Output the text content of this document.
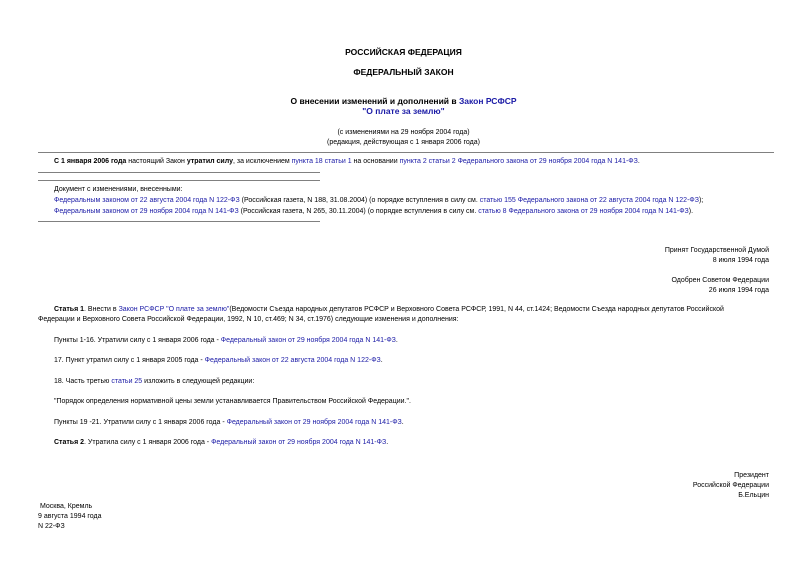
РОССИЙСКАЯ ФЕДЕРАЦИЯ
ФЕДЕРАЛЬНЫЙ ЗАКОН
О внесении изменений и дополнений в Закон РСФСР
"О плате за землю"
(с изменениями на 29 ноября 2004 года)
(редакция, действующая с 1 января 2006 года)
С 1 января 2006 года настоящий Закон утратил силу, за исключением пункта 18 статьи 1 на основании пункта 2 статьи 2 Федерального закона от 29 ноября 2004 года N 141-ФЗ.
Документ с изменениями, внесенными:
Федеральным законом от 22 августа 2004 года N 122-ФЗ (Российская газета, N 188, 31.08.2004) (о порядке вступления в силу см. статью 155 Федерального закона от 22 августа 2004 года N 122-ФЗ);
Федеральным законом от 29 ноября 2004 года N 141-ФЗ (Российская газета, N 265, 30.11.2004) (о порядке вступления в силу см. статью 8 Федерального закона от 29 ноября 2004 года N 141-ФЗ).
Принят Государственной Думой
8 июля 1994 года
Одобрен Советом Федерации
26 июля 1994 года
Статья 1. Внести в Закон РСФСР "О плате за землю"(Ведомости Съезда народных депутатов РСФСР и Верховного Совета РСФСР, 1991, N 44, ст.1424; Ведомости Съезда народных депутатов Российской
Федерации и Верховного Совета Российской Федерации, 1992, N 10, ст.469; N 34, ст.1976) следующие изменения и дополнения:
Пункты 1-16. Утратили силу с 1 января 2006 года - Федеральный закон от 29 ноября 2004 года N 141-ФЗ.
17. Пункт утратил силу с 1 января 2005 года - Федеральный закон от 22 августа 2004 года N 122-ФЗ.
18. Часть третью статьи 25 изложить в следующей редакции:
"Порядок определения нормативной цены земли устанавливается Правительством Российской Федерации.".
Пункты 19 -21. Утратили силу с 1 января 2006 года - Федеральный закон от 29 ноября 2004 года N 141-ФЗ.
Статья 2. Утратила силу с 1 января 2006 года - Федеральный закон от 29 ноября 2004 года N 141-ФЗ.
Президент
Российской Федерации
Б.Ельцин
Москва, Кремль
9 августа 1994 года
N 22-ФЗ
